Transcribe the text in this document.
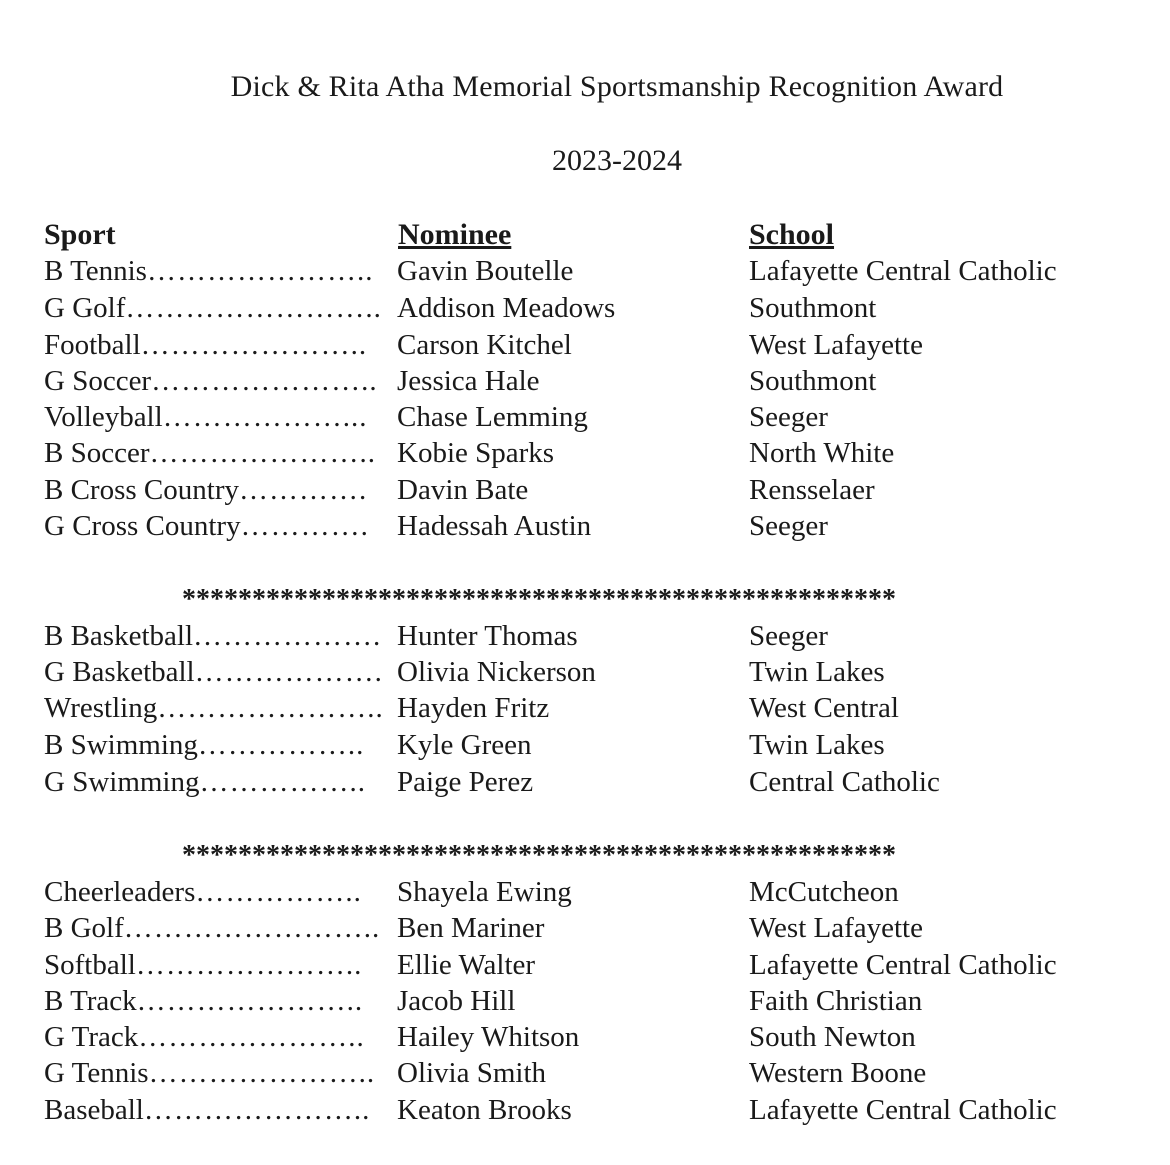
Dick & Rita Atha Memorial Sportsmanship Recognition Award
2023-2024
Sport	Nominee	School
B Tennis………………….. Gavin Boutelle	Lafayette Central Catholic
G Golf…………………….. Addison Meadows	Southmont
Football…………………..	Carson Kitchel	West Lafayette
G Soccer………………….. Jessica Hale	Southmont
Volleyball………………...	Chase Lemming	Seeger
B Soccer………………….. Kobie Sparks	North White
B Cross Country………….	Davin Bate	Rensselaer
G Cross Country…………. Hadessah Austin	Seeger
***************************************************
B Basketball………………. Hunter Thomas	Seeger
G Basketball………………. Olivia Nickerson	Twin Lakes
Wrestling………………….. Hayden Fritz	West Central
B Swimming……………..	Kyle Green	Twin Lakes
G Swimming……………..	Paige Perez	Central Catholic
***************************************************
Cheerleaders……………..	Shayela Ewing	McCutcheon
B Golf…………………….. Ben Mariner	West Lafayette
Softball…………………..	Ellie Walter	Lafayette Central Catholic
B Track…………………..	Jacob Hill	Faith Christian
G Track…………………..	Hailey Whitson	South Newton
G Tennis………………….. Olivia Smith	Western Boone
Baseball………………….. Keaton Brooks	Lafayette Central Catholic
